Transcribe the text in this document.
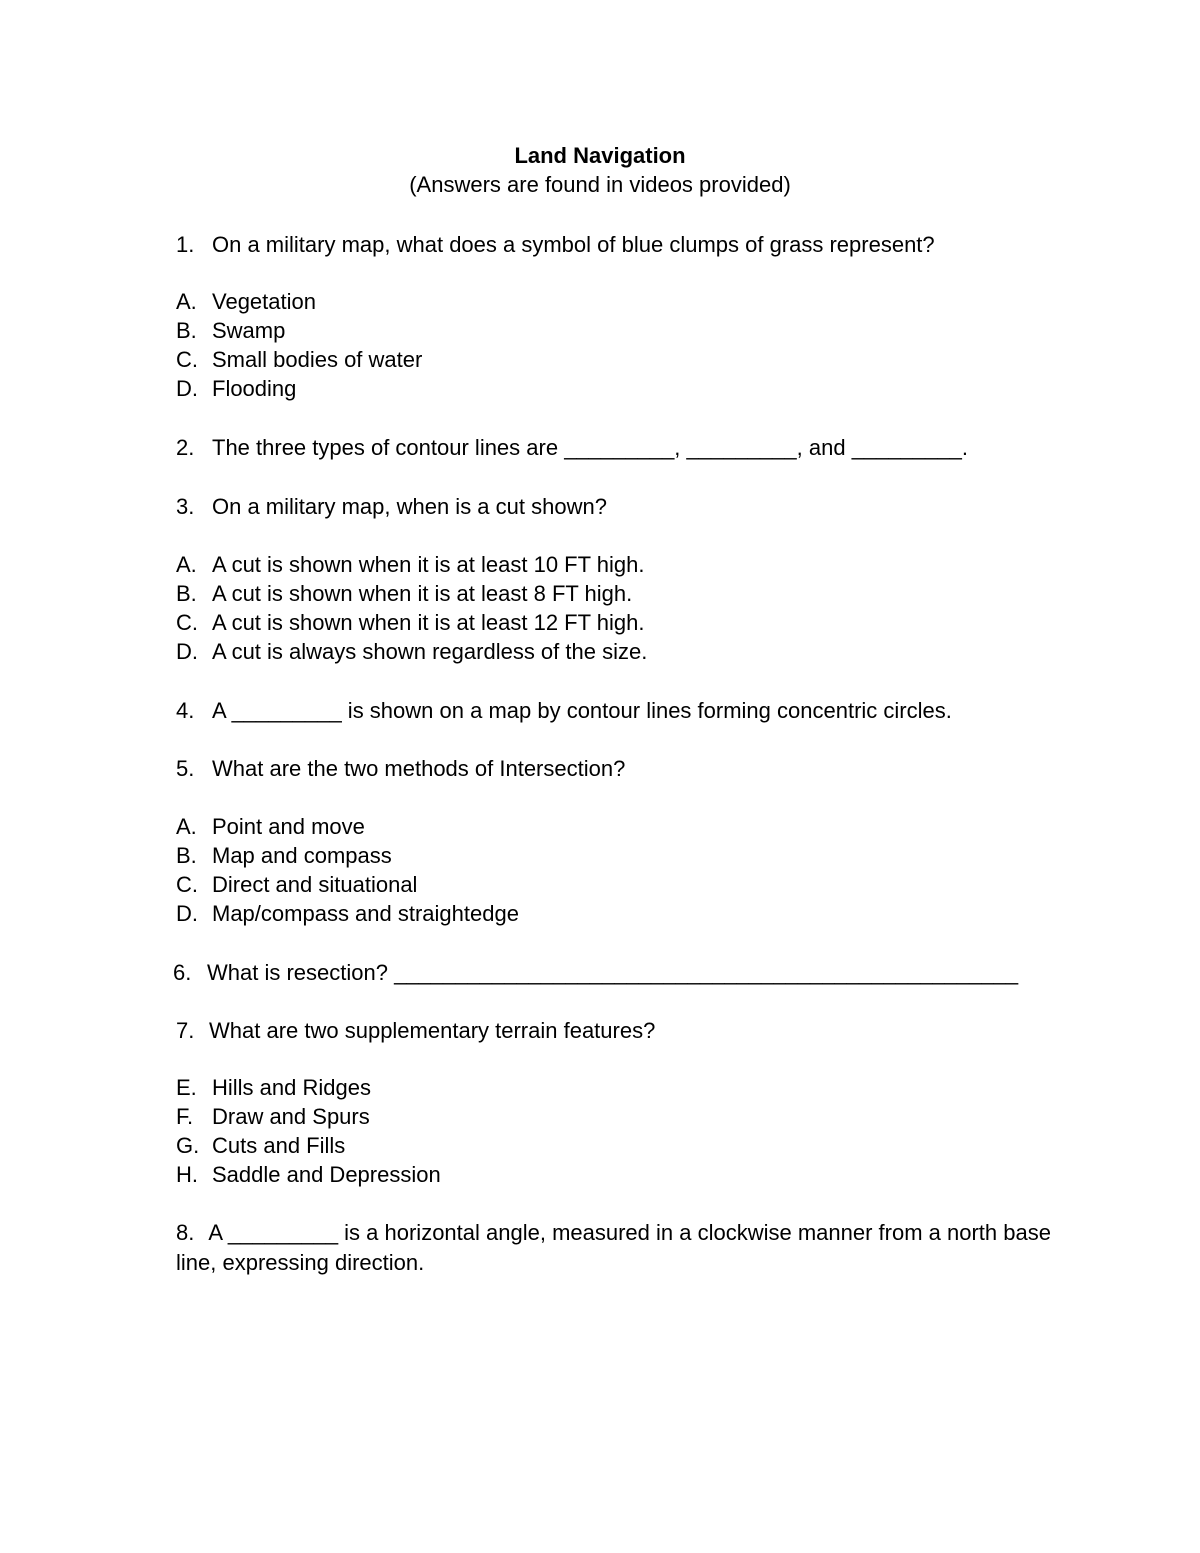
Land Navigation
(Answers are found in videos provided)
1. On a military map, what does a symbol of blue clumps of grass represent?
A. Vegetation
B. Swamp
C. Small bodies of water
D. Flooding
2. The three types of contour lines are _________, _________, and _________.
3. On a military map, when is a cut shown?
A. A cut is shown when it is at least 10 FT high.
B. A cut is shown when it is at least 8 FT high.
C. A cut is shown when it is at least 12 FT high.
D. A cut is always shown regardless of the size.
4. A _________ is shown on a map by contour lines forming concentric circles.
5. What are the two methods of Intersection?
A. Point and move
B. Map and compass
C. Direct and situational
D. Map/compass and straightedge
6. What is resection? ___________________________________________________
7. What are two supplementary terrain features?
E. Hills and Ridges
F. Draw and Spurs
G. Cuts and Fills
H. Saddle and Depression
8. A _________ is a horizontal angle, measured in a clockwise manner from a north base line, expressing direction.
